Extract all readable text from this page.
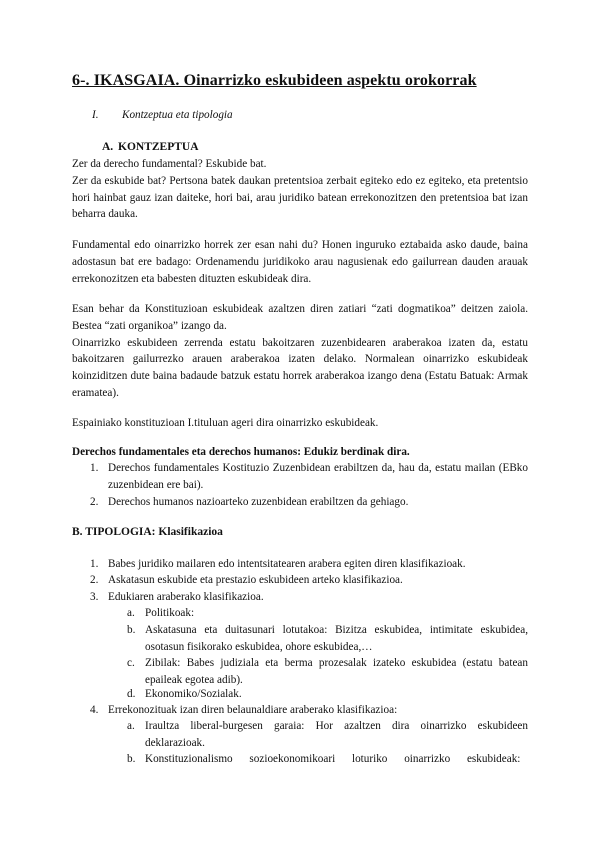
6-. IKASGAIA. Oinarrizko eskubideen aspektu orokorrak
I. Kontzeptua eta tipologia
A. KONTZEPTUA
Zer da derecho fundamental? Eskubide bat.
Zer da eskubide bat? Pertsona batek daukan pretentsioa zerbait egiteko edo ez egiteko, eta pretentsio hori hainbat gauz izan daiteke, hori bai, arau juridiko batean errekonozitzen den pretentsioa bat izan beharra dauka.
Fundamental edo oinarrizko horrek zer esan nahi du? Honen inguruko eztabaida asko daude, baina adostasun bat ere badago: Ordenamendu juridikoko arau nagusienak edo gailurrean dauden arauak errekonozitzen eta babesten dituzten eskubideak dira.
Esan behar da Konstituzioan eskubideak azaltzen diren zatiari “zati dogmatikoa” deitzen zaiola. Bestea “zati organikoa” izango da.
Oinarrizko eskubideen zerrenda estatu bakoitzaren zuzenbidearen araberakoa izaten da, estatu bakoitzaren gailurrezko arauen araberakoa izaten delako. Normalean oinarrizko eskubideak koinziditzen dute baina badaude batzuk estatu horrek araberakoa izango dena (Estatu Batuak: Armak eramatea).
Espainiako konstituzioan I.tituluan ageri dira oinarrizko eskubideak.
Derechos fundamentales eta derechos humanos: Edukiz berdinak dira.
1. Derechos fundamentales Kostituzio Zuzenbidean erabiltzen da, hau da, estatu mailan (EBko zuzenbidean ere bai).
2. Derechos humanos nazioarteko zuzenbidean erabiltzen da gehiago.
B. TIPOLOGIA: Klasifikazioa
1. Babes juridiko mailaren edo intentsitatearen arabera egiten diren klasifikazioak.
2. Askatasun eskubide eta prestazio eskubideen arteko klasifikazioa.
3. Edukiaren araberako klasifikazioa.
a. Politikoak:
b. Askatasuna eta duitasunari lotutakoa: Bizitza eskubidea, intimitate eskubidea, osotasun fisikorako eskubidea, ohore eskubidea,…
c. Zibilak: Babes judiziala eta berma prozesalak izateko eskubidea (estatu batean epaileak egotea adib).
d. Ekonomiko/Sozialak.
4. Errekonozituak izan diren belaunaldiare araberako klasifikazioa:
a. Iraultza liberal-burgesen garaia: Hor azaltzen dira oinarrizko eskubideen deklarazioak.
b. Konstituzionalismo sozioekonomikoari loturiko oinarrizko eskubideak:
